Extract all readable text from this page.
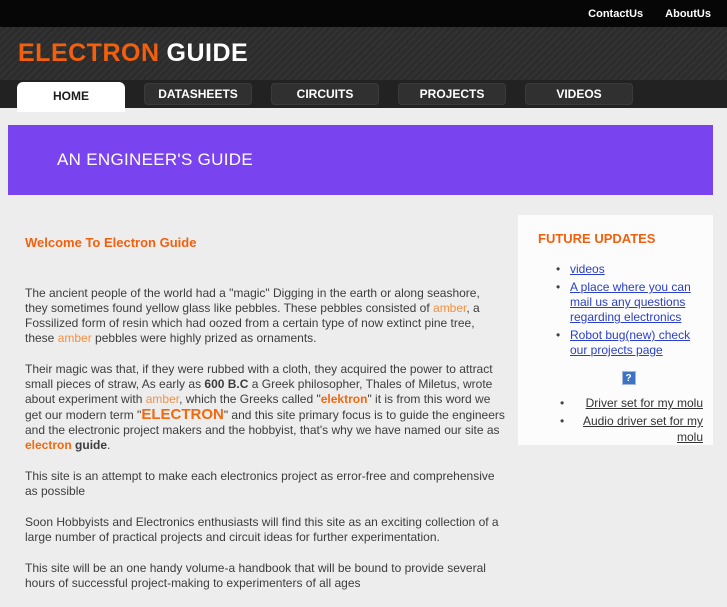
ContactUs AboutUs
ELECTRON GUIDE
HOME	DATASHEETS	CIRCUITS	PROJECTS	VIDEOS
AN ENGINEER'S GUIDE
Welcome To Electron Guide

The ancient people of the world had a "magic" Digging in the earth or along seashore, they sometimes found yellow glass like pebbles. These pebbles consisted of amber, a Fossilized form of resin which had oozed from a certain type of now extinct pine tree, these amber pebbles were highly prized as ornaments.

Their magic was that, if they were rubbed with a cloth, they acquired the power to attract small pieces of straw, As early as 600 B.C a Greek philosopher, Thales of Miletus, wrote about experiment with amber, which the Greeks called "elektron" it is from this word we get our modern term "ELECTRON" and this site primary focus is to guide the engineers and the electronic project makers and the hobbyist, that's why we have named our site as electron guide.

This site is an attempt to make each electronics project as error-free and comprehensive as possible

Soon Hobbyists and Electronics enthusiasts will find this site as an exciting collection of a large number of practical projects and circuit ideas for further experimentation.

This site will be an one handy volume-a handbook that will be bound to provide several hours of successful project-making to experimenters of all ages

FUTURE UPDATES
• videos
• A place where you can mail us any questions regarding electronics
• Robot bug(new) check our projects page
?
• Driver set for my molu
• Audio driver set for my molu
